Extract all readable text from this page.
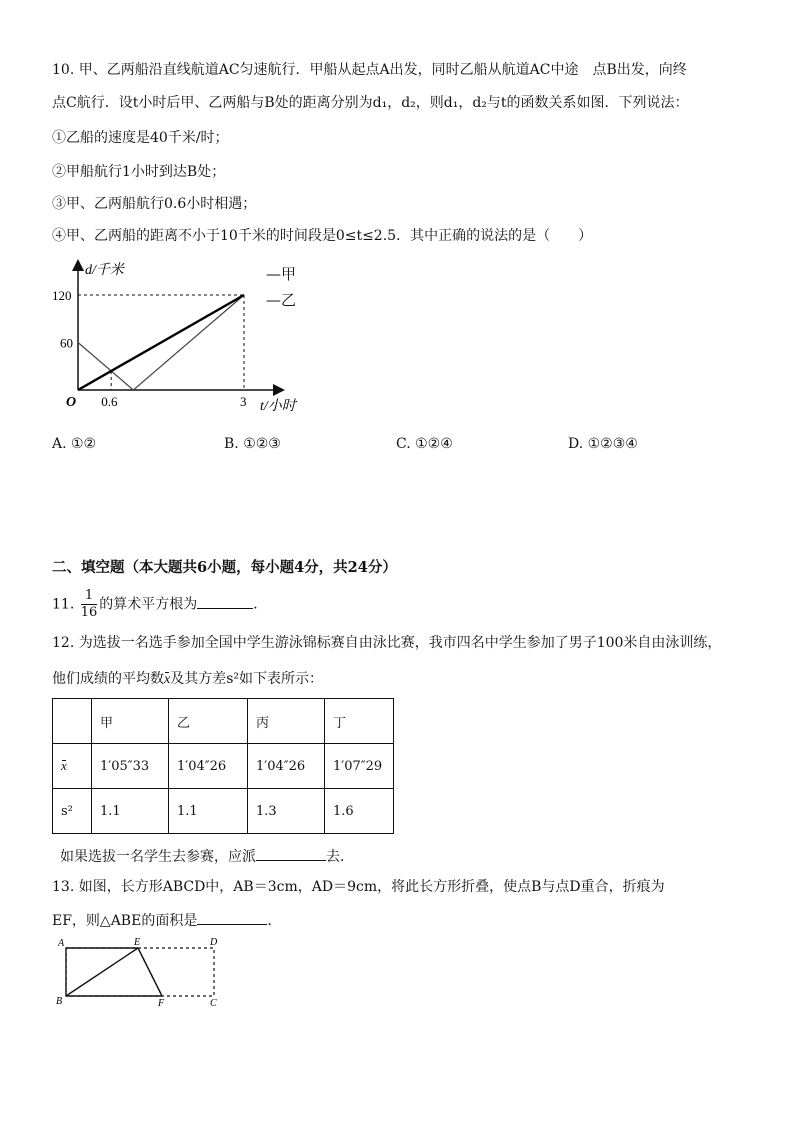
10. 甲、乙两船沿直线航道AC匀速航行．甲船从起点A出发，同时乙船从航道AC中途　点B出发，向终
点C航行．设t小时后甲、乙两船与B处的距离分别为d₁，d₂，则d₁，d₂与t的函数关系如图．下列说法：
①乙船的速度是40千米/时；
②甲船航行1小时到达B处；
③甲、乙两船航行0.6小时相遇；
④甲、乙两船的距离不小于10千米的时间段是0≤t≤2.5．其中正确的说法的是（　　）
120
60
0.6	3
d/千米
t/小时
O
—甲
—乙
A. ①②	B. ①②③	C. ①②④	D. ①②③④
二、填空题（本大题共6小题，每小题4分，共24分）
11. $\frac{1}{16}$ 的算术平方根为	．
12. 为选拔一名选手参加全国中学生游泳锦标赛自由泳比赛，我市四名中学生参加了男子100米自由泳训练，
他们成绩的平均数x及其方差s²如下表所示：
	甲	乙	丙	丁
x	1′05″33	1′04″26	1′04″26	1′07″29
s²	1.1	1.1	1.3	1.6
如果选拔一名学生去参赛，应派	去．
13. 如图，长方形ABCD中，AB＝3cm，AD＝9cm，将此长方形折叠，使点B与点D重合，折痕为
EF，则△ABE的面积是	．
A
B
E
F
D
C
